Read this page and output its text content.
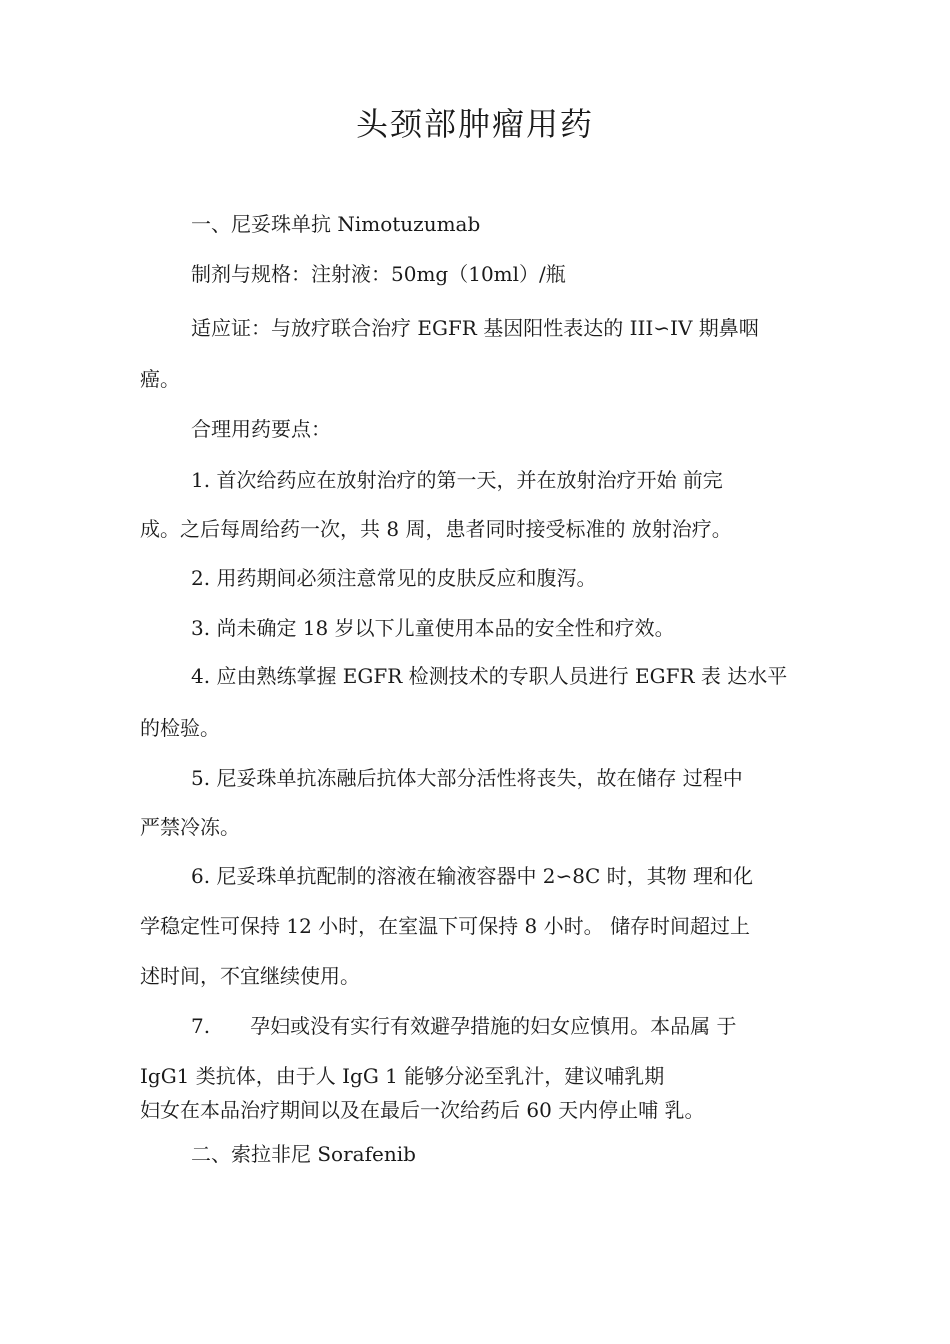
头颈部肿瘤用药
一、尼妥珠单抗 Nimotuzumab
制剂与规格：注射液：50mg（10ml）/瓶
适应证：与放疗联合治疗 EGFR 基因阳性表达的 III∽IV 期鼻咽
癌。
合理用药要点：
1. 首次给药应在放射治疗的第一天，并在放射治疗开始 前完
成。之后每周给药一次，共 8 周，患者同时接受标准的 放射治疗。
2. 用药期间必须注意常见的皮肤反应和腹泻。
3. 尚未确定 18 岁以下儿童使用本品的安全性和疗效。
4. 应由熟练掌握 EGFR 检测技术的专职人员进行 EGFR 表 达水平
的检验。
5. 尼妥珠单抗冻融后抗体大部分活性将丧失，故在储存 过程中
严禁冷冻。
6. 尼妥珠单抗配制的溶液在输液容器中 2∽8C 时，其物 理和化
学稳定性可保持 12 小时，在室温下可保持 8 小时。 储存时间超过上
述时间，不宜继续使用。
7.　　孕妇或没有实行有效避孕措施的妇女应慎用。本品属 于
IgG1 类抗体，由于人 IgG 1 能够分泌至乳汁，建议哺乳期
妇女在本品治疗期间以及在最后一次给药后 60 天内停止哺 乳。
二、索拉非尼 Sorafenib
